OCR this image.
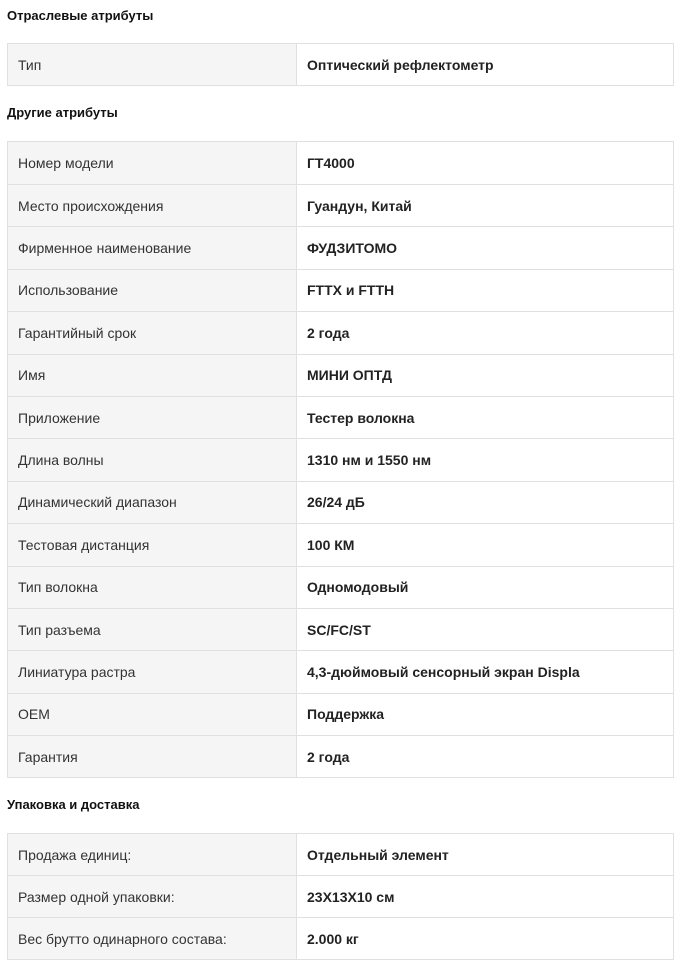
Отраслевые атрибуты
Тип	Оптический рефлектометр
Другие атрибуты
Номер модели	ГТ4000
Место происхождения	Гуандун, Китай
Фирменное наименование	ФУДЗИТОМО
Использование	FTTX и FTTH
Гарантийный срок	2 года
Имя	МИНИ ОПТД
Приложение	Тестер волокна
Длина волны	1310 нм и 1550 нм
Динамический диапазон	26/24 дБ
Тестовая дистанция	100 КМ
Тип волокна	Одномодовый
Тип разъема	SC/FC/ST
Линиатура растра	4,3-дюймовый сенсорный экран Displa
OEM	Поддержка
Гарантия	2 года
Упаковка и доставка
Продажа единиц:	Отдельный элемент
Размер одной упаковки:	23X13X10 см
Вес брутто одинарного состава:	2.000 кг
